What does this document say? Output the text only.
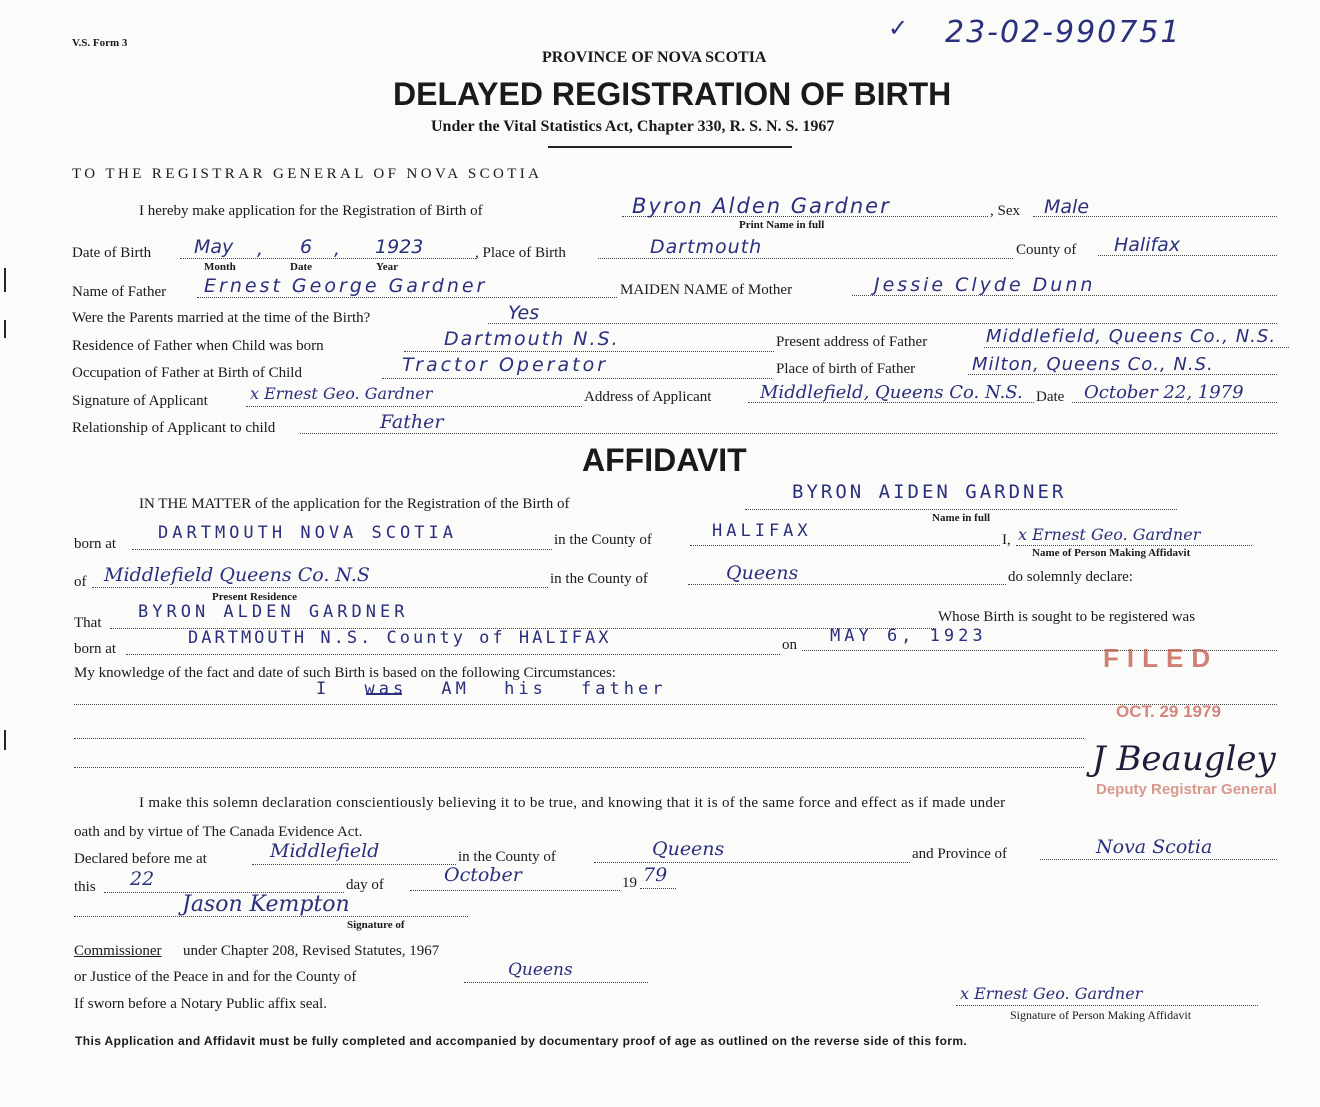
V.S. Form 3
PROVINCE OF NOVA SCOTIA
DELAYED REGISTRATION OF BIRTH
Under the Vital Statistics Act, Chapter 330, R. S. N. S. 1967
✓ 23-02-990751
TO THE REGISTRAR GENERAL OF NOVA SCOTIA
I hereby make application for the Registration of Birth of	Byron Alden Gardner
Print Name in full
, Sex Male
Date of Birth May , 6 , 1923
Month	Date	Year
, Place of Birth	Dartmouth	County of Halifax
Name of Father Ernest George Gardner	MAIDEN NAME of Mother	Jessie Clyde Dunn
Were the Parents married at the time of the Birth?	Yes
Residence of Father when Child was born	Dartmouth N.S.	Present address of Father	Middlefield, Queens Co., N.S.
Occupation of Father at Birth of Child	Tractor Operator	Place of birth of Father	Milton, Queens Co., N.S.
Signature of Applicant	x Ernest Geo. Gardner	Address of Applicant	Middlefield, Queens Co. N.S. Date October 22, 1979
Relationship of Applicant to child	Father
AFFIDAVIT
IN THE MATTER of the application for the Registration of the Birth of
BYRON AIDEN GARDNER
Name in full
born at
DARTMOUTH NOVA SCOTIA	in the County of	HALIFAX	I, x Ernest Geo. Gardner
Name of Person Making Affidavit
of Middlefield Queens Co. N.S
Present Residence
in the County of	Queens	do solemnly declare:
That
BYRON ALDEN GARDNER	Whose Birth is sought to be registered was
born at
DARTMOUTH N.S. County of HALIFAX	on MAY 6, 1923
My knowledge of the fact and date of such Birth is based on the following Circumstances:
I was AM his father
FILED
OCT. 29 1979
J Beaugley
Deputy Registrar General
I make this solemn declaration conscientiously believing it to be true, and knowing that it is of the same force and effect as if made under
oath and by virtue of The Canada Evidence Act.
Declared before me at	Middlefield	in the County of	Queens	and Province of	Nova Scotia
this 22	day of	October	19 79
Jason Kempton
Signature of
Commissioner under Chapter 208, Revised Statutes, 1967
or Justice of the Peace in and for the County of	Queens
If sworn before a Notary Public affix seal.
x Ernest Geo. Gardner
Signature of Person Making Affidavit
This Application and Affidavit must be fully completed and accompanied by documentary proof of age as outlined on the reverse side of this form.
